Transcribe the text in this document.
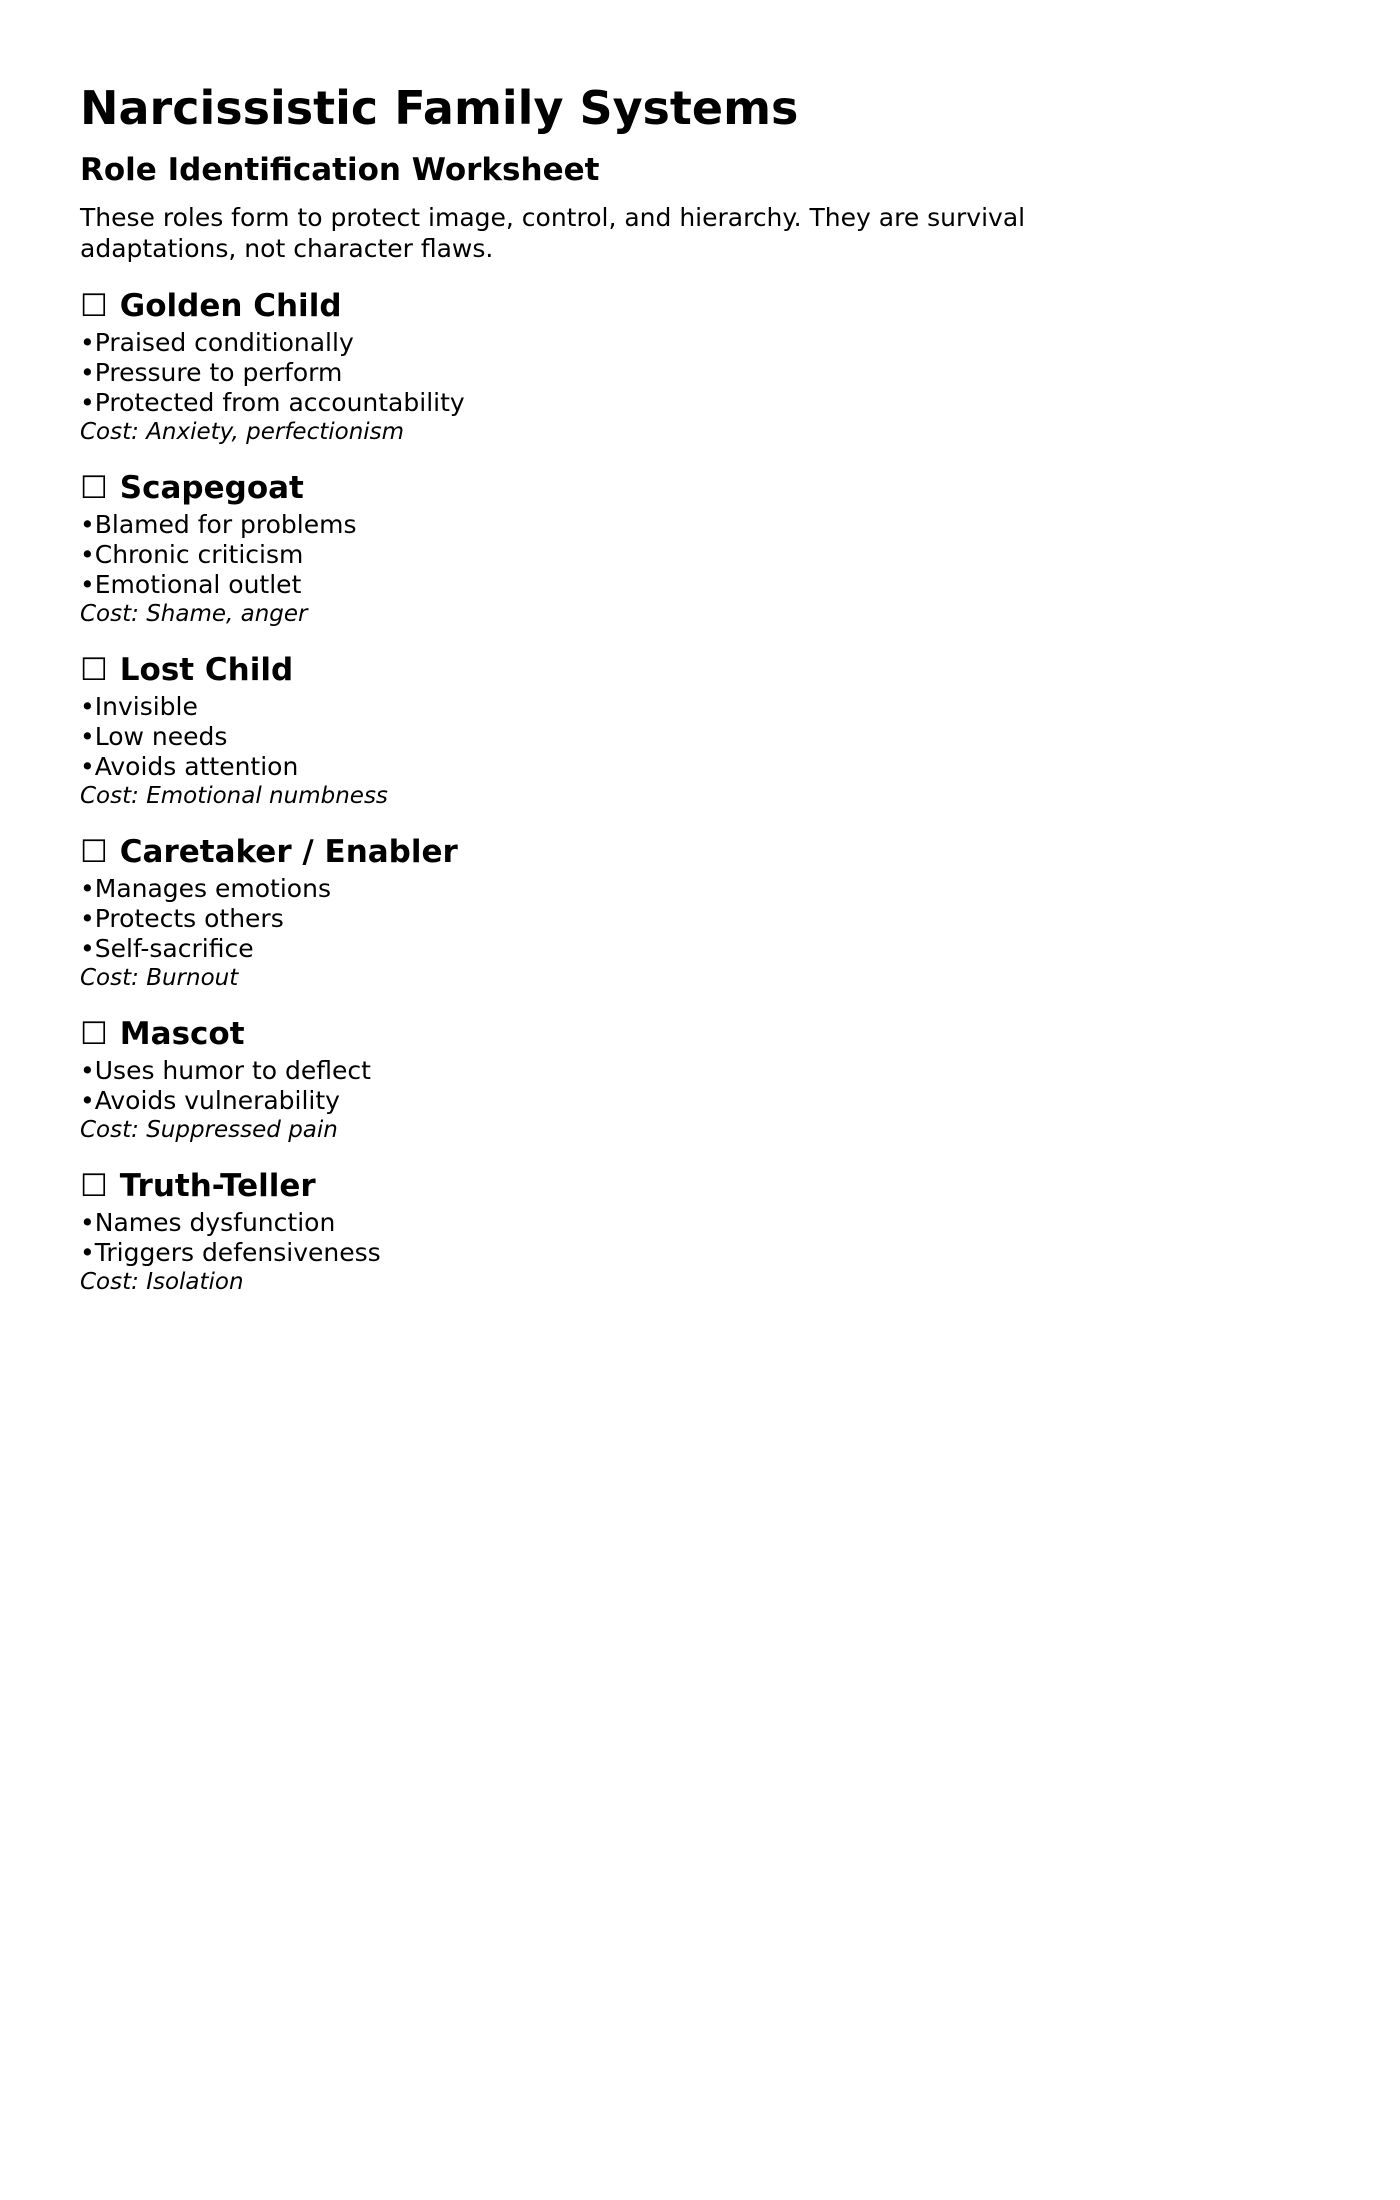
Narcissistic Family Systems
Role Identification Worksheet

These roles form to protect image, control, and hierarchy. They are survival adaptations, not character flaws.

☐ Golden Child
• Praised conditionally
• Pressure to perform
• Protected from accountability

Cost: Anxiety, perfectionism

☐ Scapegoat
• Blamed for problems
• Chronic criticism
• Emotional outlet

Cost: Shame, anger

☐ Lost Child
• Invisible
• Low needs
• Avoids attention

Cost: Emotional numbness

☐ Caretaker / Enabler
• Manages emotions
• Protects others
• Self-sacrifice

Cost: Burnout

☐ Mascot
• Uses humor to deflect
• Avoids vulnerability

Cost: Suppressed pain

☐ Truth-Teller
• Names dysfunction
• Triggers defensiveness

Cost: Isolation
